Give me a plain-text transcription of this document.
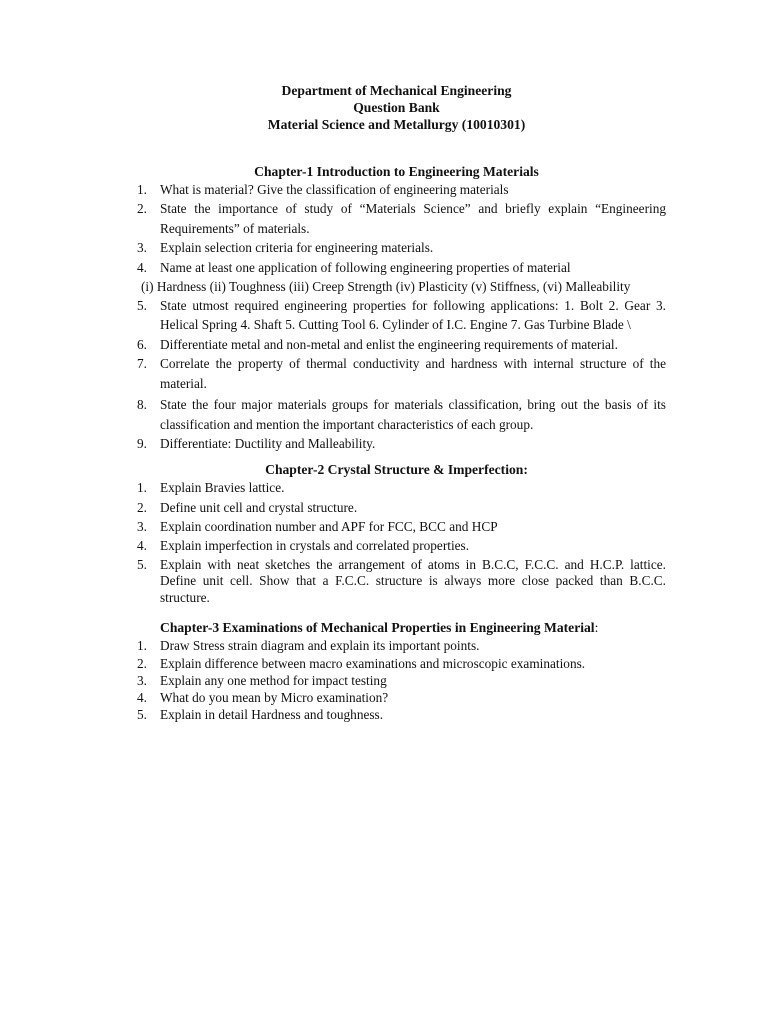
Department of Mechanical Engineering
Question Bank
Material Science and Metallurgy (10010301)
Chapter-1 Introduction to Engineering Materials
1. What is material? Give the classification of engineering materials
2. State the importance of study of “Materials Science” and briefly explain “Engineering Requirements” of materials.
3. Explain selection criteria for engineering materials.
4. Name at least one application of following engineering properties of material
(i) Hardness (ii) Toughness (iii) Creep Strength (iv) Plasticity (v) Stiffness, (vi) Malleability
5. State utmost required engineering properties for following applications: 1. Bolt 2. Gear 3. Helical Spring 4. Shaft 5. Cutting Tool 6. Cylinder of I.C. Engine 7. Gas Turbine Blade \
6. Differentiate metal and non-metal and enlist the engineering requirements of material.
7. Correlate the property of thermal conductivity and hardness with internal structure of the material.
8. State the four major materials groups for materials classification, bring out the basis of its classification and mention the important characteristics of each group.
9. Differentiate: Ductility and Malleability.
Chapter-2 Crystal Structure & Imperfection:
1. Explain Bravies lattice.
2. Define unit cell and crystal structure.
3. Explain coordination number and APF for FCC, BCC and HCP
4. Explain imperfection in crystals and correlated properties.
5. Explain with neat sketches the arrangement of atoms in B.C.C, F.C.C. and H.C.P. lattice. Define unit cell. Show that a F.C.C. structure is always more close packed than B.C.C. structure.
Chapter-3 Examinations of Mechanical Properties in Engineering Material:
1. Draw Stress strain diagram and explain its important points.
2. Explain difference between macro examinations and microscopic examinations.
3. Explain any one method for impact testing
4. What do you mean by Micro examination?
5. Explain in detail Hardness and toughness.
